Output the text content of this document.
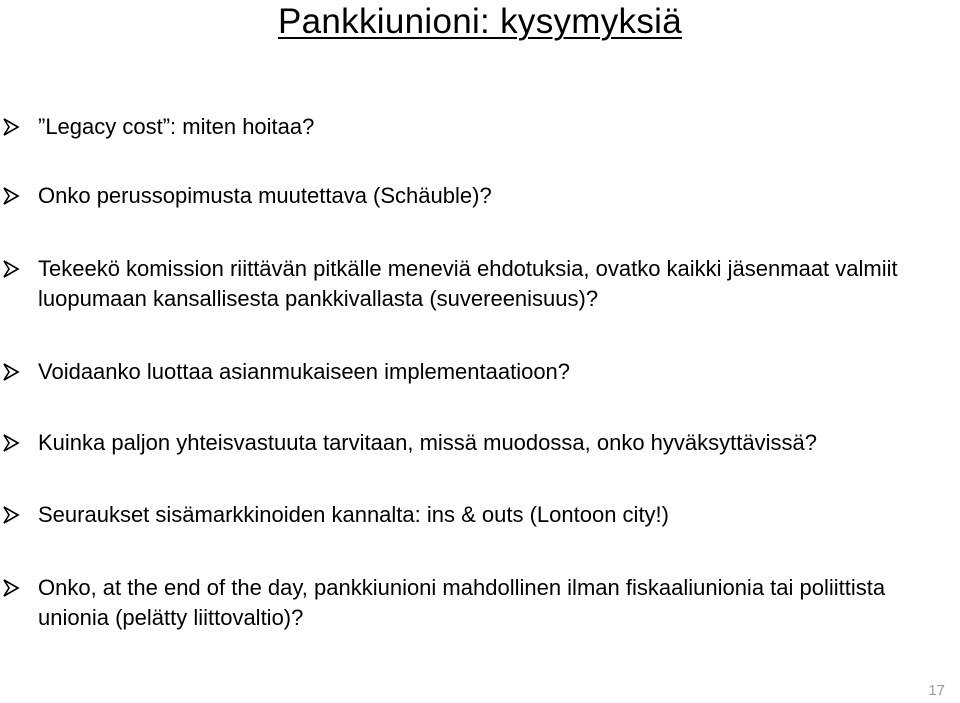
Pankkiunioni: kysymyksiä
”Legacy cost”: miten hoitaa?
Onko perussopimusta muutettava (Schäuble)?
Tekeekö komission riittävän pitkälle meneviä ehdotuksia, ovatko kaikki jäsenmaat valmiit luopumaan kansallisesta pankkivallasta (suvereenisuus)?
Voidaanko luottaa asianmukaiseen implementaatioon?
Kuinka paljon yhteisvastuuta tarvitaan, missä muodossa, onko hyväksyttävissä?
Seuraukset sisämarkkinoiden kannalta: ins & outs (Lontoon city!)
Onko, at the end of the day, pankkiunioni mahdollinen ilman fiskaaliunionia tai poliittista unionia (pelätty liittovaltio)?
17
